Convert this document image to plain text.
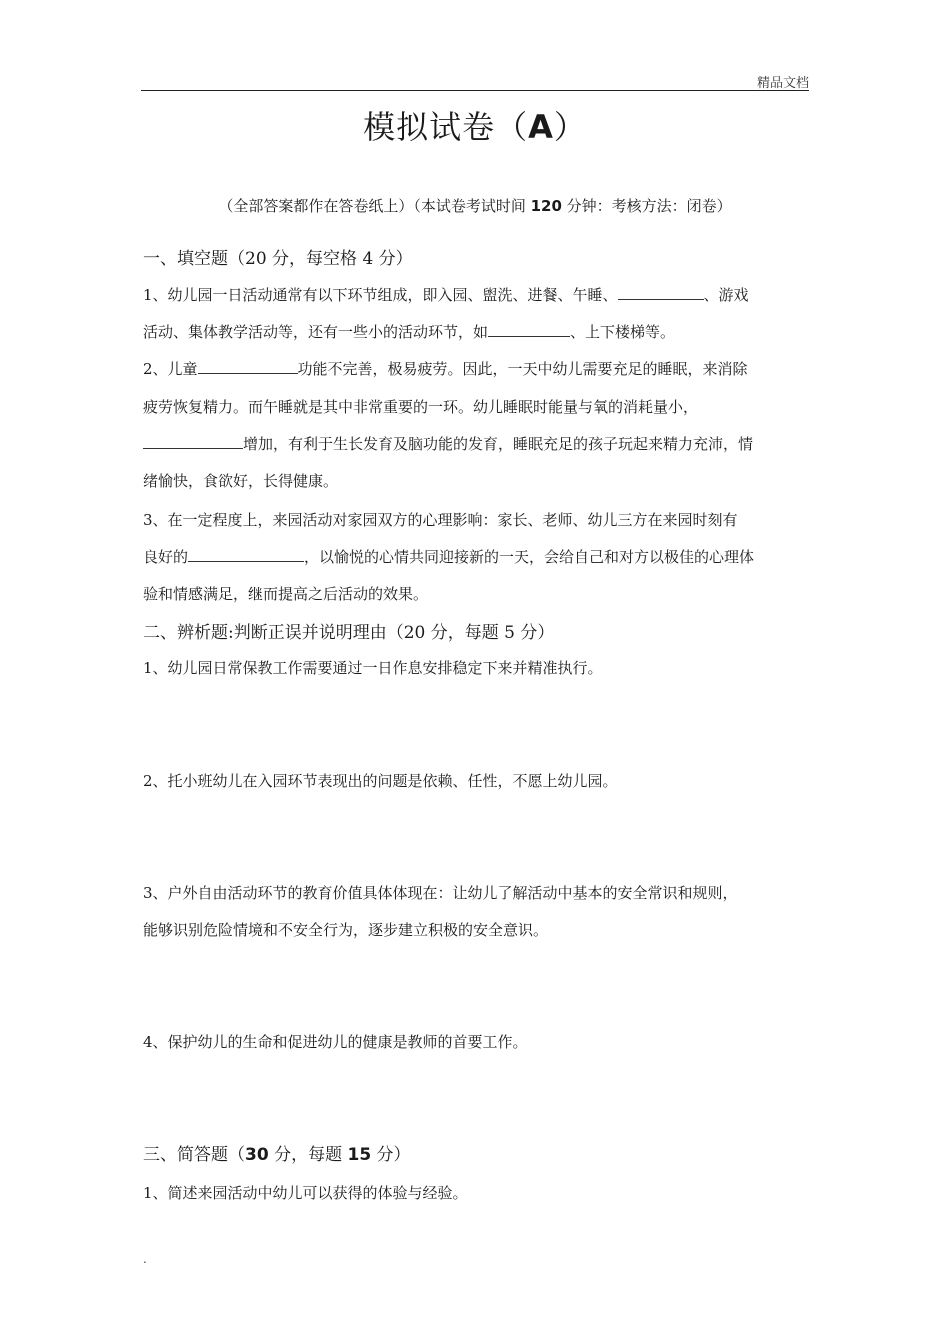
精品文档
模拟试卷（A）
（全部答案都作在答卷纸上）（本试卷考试时间 120 分钟：考核方法：闭卷）
一、填空题（20 分，每空格 4 分）
1、幼儿园一日活动通常有以下环节组成，即入园、盥洗、进餐、午睡、	、游戏
活动、集体教学活动等，还有一些小的活动环节，如	、上下楼梯等。
2、儿童	功能不完善，极易疲劳。因此，一天中幼儿需要充足的睡眠，来消除
疲劳恢复精力。而午睡就是其中非常重要的一环。幼儿睡眠时能量与氧的消耗量小，
增加，有利于生长发育及脑功能的发育，睡眠充足的孩子玩起来精力充沛，情
绪愉快，食欲好，长得健康。
3、在一定程度上，来园活动对家园双方的心理影响：家长、老师、幼儿三方在来园时刻有
良好的	，以愉悦的心情共同迎接新的一天，会给自己和对方以极佳的心理体
验和情感满足，继而提高之后活动的效果。
二、辨析题:判断正误并说明理由（20 分，每题 5 分）
1、幼儿园日常保教工作需要通过一日作息安排稳定下来并精准执行。
2、托小班幼儿在入园环节表现出的问题是依赖、任性，不愿上幼儿园。
3、户外自由活动环节的教育价值具体体现在：让幼儿了解活动中基本的安全常识和规则，
能够识别危险情境和不安全行为，逐步建立积极的安全意识。
4、保护幼儿的生命和促进幼儿的健康是教师的首要工作。
三、简答题（30 分，每题 15 分）
1、简述来园活动中幼儿可以获得的体验与经验。
.
